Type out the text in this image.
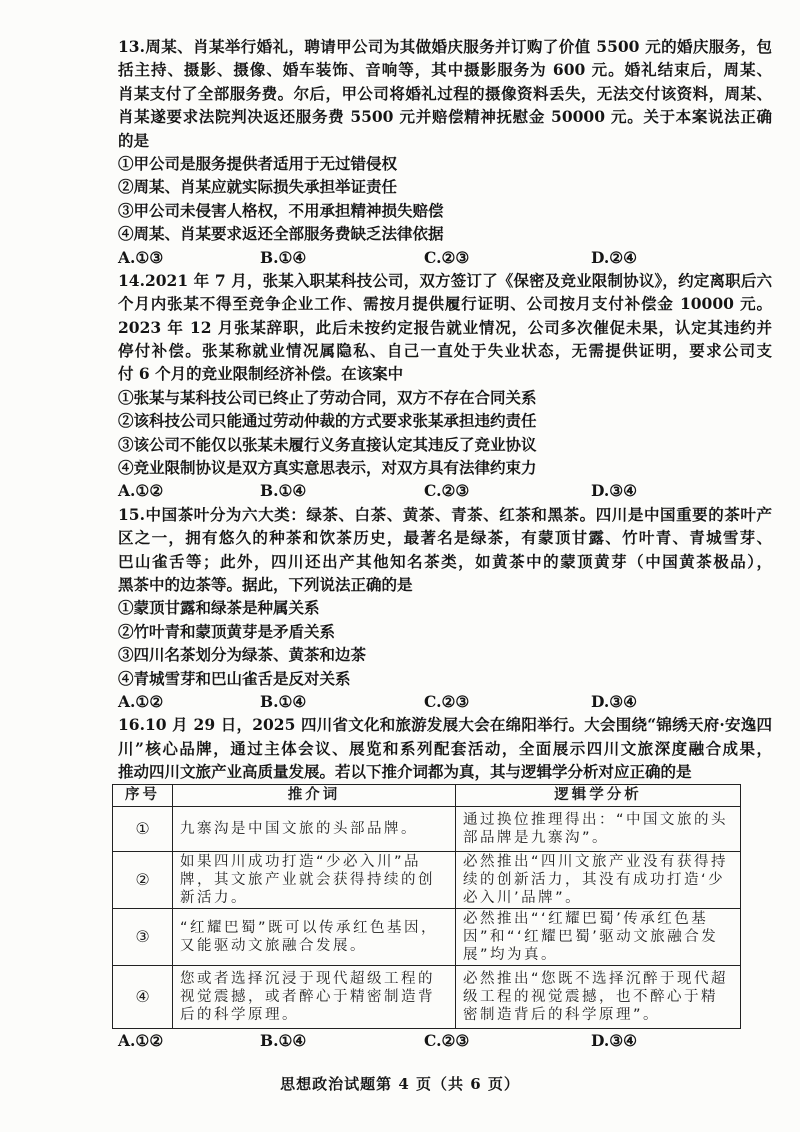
13.周某、肖某举行婚礼，聘请甲公司为其做婚庆服务并订购了价值 5500 元的婚庆服务，包
括主持、摄影、摄像、婚车装饰、音响等，其中摄影服务为 600 元。婚礼结束后，周某、
肖某支付了全部服务费。尔后，甲公司将婚礼过程的摄像资料丢失，无法交付该资料，周某、
肖某遂要求法院判决返还服务费 5500 元并赔偿精神抚慰金 50000 元。关于本案说法正确
的是
①甲公司是服务提供者适用于无过错侵权
②周某、肖某应就实际损失承担举证责任
③甲公司未侵害人格权，不用承担精神损失赔偿
④周某、肖某要求返还全部服务费缺乏法律依据
A.①③	B.①④	C.②③	D.②④
14.2021 年 7 月，张某入职某科技公司，双方签订了《保密及竞业限制协议》，约定离职后六
个月内张某不得至竞争企业工作、需按月提供履行证明、公司按月支付补偿金 10000 元。
2023 年 12 月张某辞职，此后未按约定报告就业情况，公司多次催促未果，认定其违约并
停付补偿。张某称就业情况属隐私、自己一直处于失业状态，无需提供证明，要求公司支
付 6 个月的竞业限制经济补偿。在该案中
①张某与某科技公司已终止了劳动合同，双方不存在合同关系
②该科技公司只能通过劳动仲裁的方式要求张某承担违约责任
③该公司不能仅以张某未履行义务直接认定其违反了竞业协议
④竞业限制协议是双方真实意思表示，对双方具有法律约束力
A.①②	B.①④	C.②③	D.③④
15.中国茶叶分为六大类：绿茶、白茶、黄茶、青茶、红茶和黑茶。四川是中国重要的茶叶产
区之一，拥有悠久的种茶和饮茶历史，最著名是绿茶，有蒙顶甘露、竹叶青、青城雪芽、
巴山雀舌等；此外，四川还出产其他知名茶类，如黄茶中的蒙顶黄芽（中国黄茶极品），
黑茶中的边茶等。据此，下列说法正确的是
①蒙顶甘露和绿茶是种属关系
②竹叶青和蒙顶黄芽是矛盾关系
③四川名茶划分为绿茶、黄茶和边茶
④青城雪芽和巴山雀舌是反对关系
A.①②	B.①④	C.②③	D.③④
16.10 月 29 日，2025 四川省文化和旅游发展大会在绵阳举行。大会围绕“锦绣天府·安逸四
川”核心品牌，通过主体会议、展览和系列配套活动，全面展示四川文旅深度融合成果，
推动四川文旅产业高质量发展。若以下推介词都为真，其与逻辑学分析对应正确的是
序号	推介词	逻辑学分析
①	九寨沟是中国文旅的头部品牌。	通过换位推理得出：“中国文旅的头部品牌是九寨沟”。
②	如果四川成功打造“少必入川”品牌，其文旅产业就会获得持续的创新活力。	必然推出“四川文旅产业没有获得持续的创新活力，其没有成功打造‘少必入川’品牌”。
③	“红耀巴蜀”既可以传承红色基因，又能驱动文旅融合发展。	必然推出“‘红耀巴蜀’传承红色基因”和“‘红耀巴蜀’驱动文旅融合发展”均为真。
④	您或者选择沉浸于现代超级工程的视觉震撼，或者醉心于精密制造背后的科学原理。	必然推出“您既不选择沉醉于现代超级工程的视觉震撼，也不醉心于精密制造背后的科学原理”。
A.①②	B.①④	C.②③	D.③④
思想政治试题第 4 页（共 6 页）
